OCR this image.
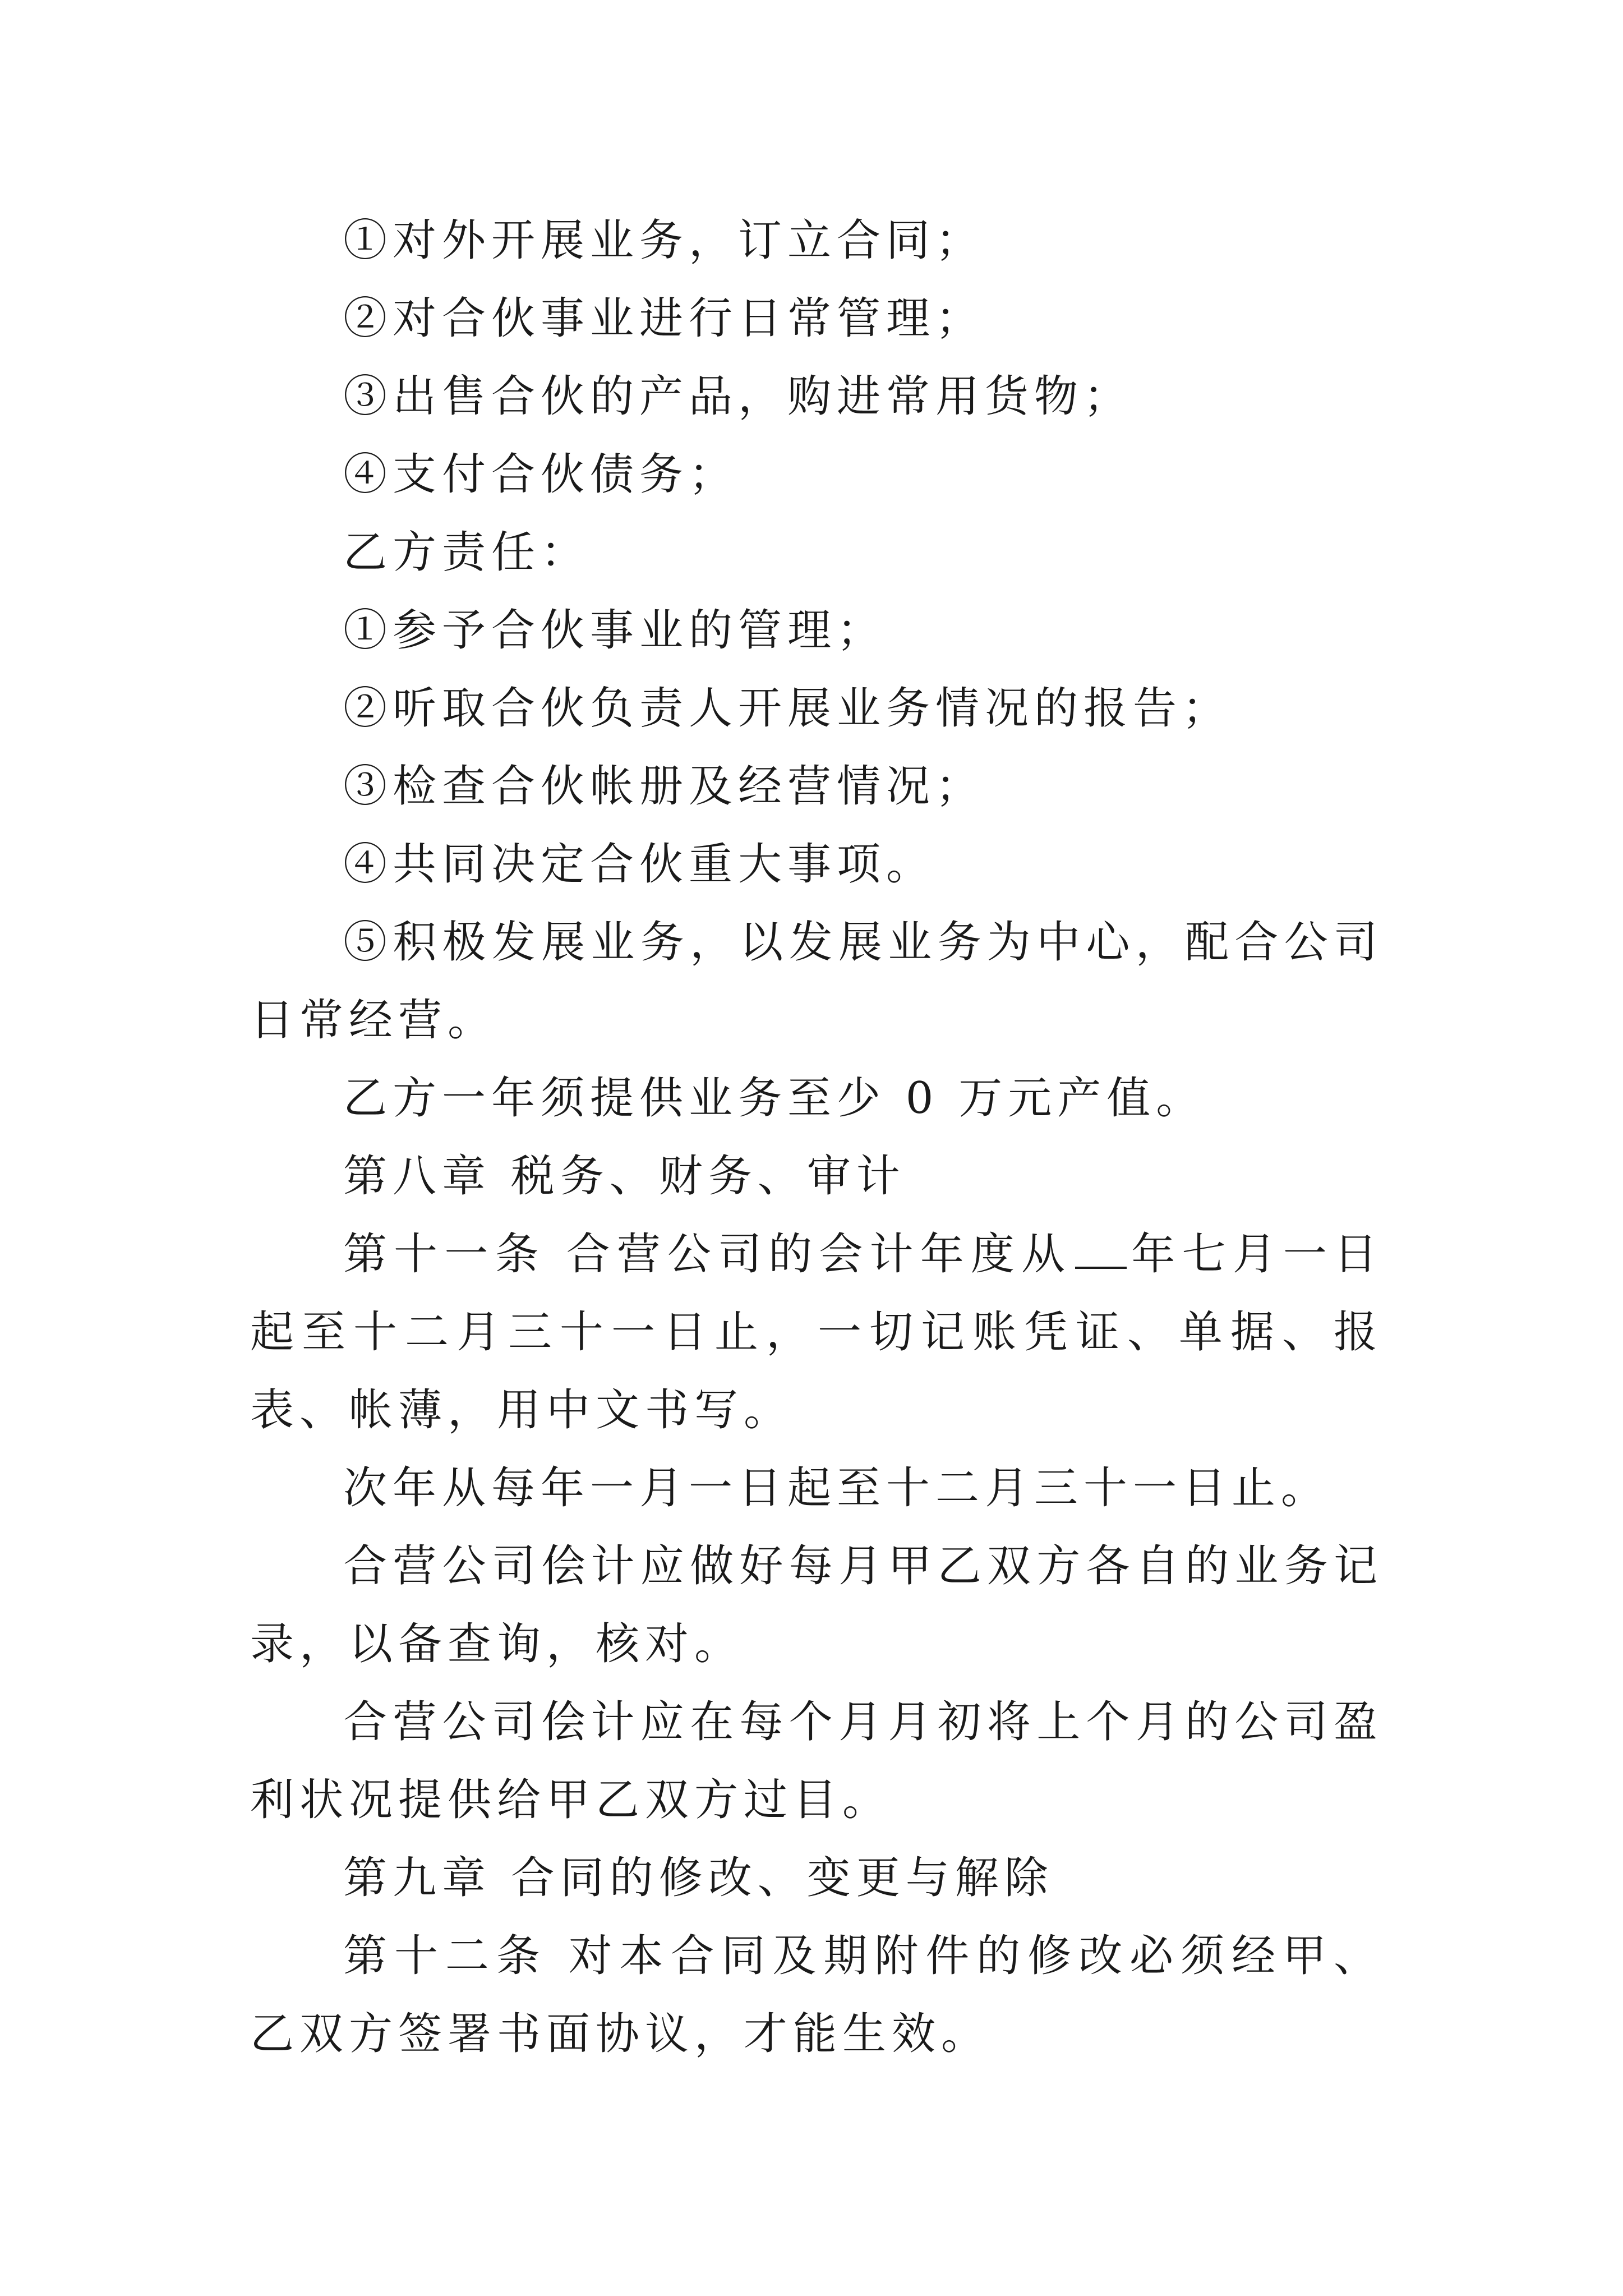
①对外开展业务，订立合同；

②对合伙事业进行日常管理；

③出售合伙的产品，购进常用货物；

④支付合伙债务；

乙方责任：

①参予合伙事业的管理；

②听取合伙负责人开展业务情况的报告；

③检查合伙帐册及经营情况；

④共同决定合伙重大事项。

⑤积极发展业务，以发展业务为中心，配合公司日常经营。

乙方一年须提供业务至少 0 万元产值。

第八章 税务、财务、审计

第十一条 合营公司的会计年度从 年七月一日起至十二月三十一日止，一切记账凭证、单据、报表、帐薄，用中文书写。

次年从每年一月一日起至十二月三十一日止。

合营公司侩计应做好每月甲乙双方各自的业务记录，以备查询，核对。

合营公司侩计应在每个月月初将上个月的公司盈利状况提供给甲乙双方过目。

第九章 合同的修改、变更与解除

第十二条 对本合同及期附件的修改必须经甲、乙双方签署书面协议，才能生效。
